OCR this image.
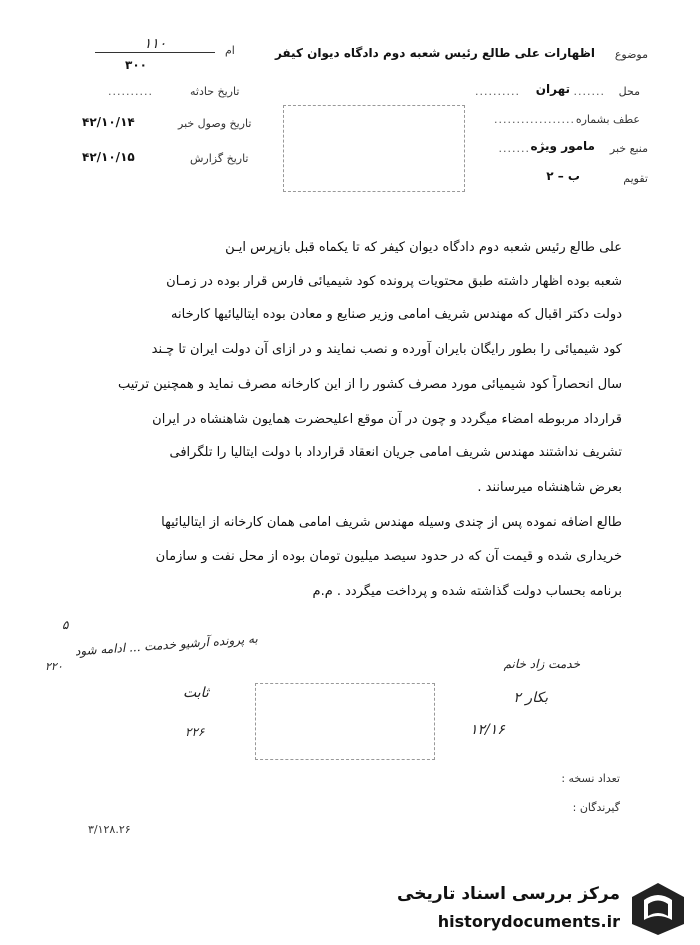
موضوع
اظهارات علی طالع رئیس شعبه دوم دادگاه دیوان کیفر
محل
.......
تهران
..........
عطف بشماره
..................
منبع خبر
مامور ویژه
.......
تقویم
ب – ۲
۱۱۰	ام
۳۰۰
تاریخ حادثه
..........
تاریخ وصول خبر
۴۲/۱۰/۱۴
تاریخ گزارش
۴۲/۱۰/۱۵
علی طالع رئیس شعبه دوم دادگاه دیوان کیفر که تا یکماه قبل بازپرس ایـن
شعبه بوده اظهار داشته طبق محتویات پرونده کود شیمیائی فارس قرار بوده در زمـان
دولت دکتر اقبال که مهندس شریف امامی وزیر صنایع و معادن بوده ایتالیائیها کارخانه
کود شیمیائی را بطور رایگان بایران آورده و نصب نمایند و در ازای آن دولت ایران تا چـند
سال انحصاراً کود شیمیائی مورد مصرف کشور را از این کارخانه مصرف نماید و همچنین ترتیب
قرارداد مربوطه امضاء میگردد و چون در آن موقع اعلیحضرت همایون شاهنشاه در ایران
تشریف نداشتند مهندس شریف امامی جریان انعقاد قرارداد با دولت ایتالیا را تلگرافی
بعرض شاهنشاه میرسانند .
طالع اضافه نموده پس از چندی وسیله مهندس شریف امامی همان کارخانه از ایتالیائیها
خریداری شده و قیمت آن که در حدود سیصد میلیون تومان بوده از محل نفت و سازمان
برنامه بحساب دولت گذاشته شده و پرداخت میگردد . م.م
۵
به پرونده آرشیو خدمت ... ادامه شود
۲۲۰
ثابت
۲۲۶
خدمت زاد خانم
بکار ۲
۱۲/۱۶
تعداد نسخه :
گیرندگان :
۳/۱۲۸.۲۶
مرکز بررسی اسناد تاریخی
historydocuments.ir
